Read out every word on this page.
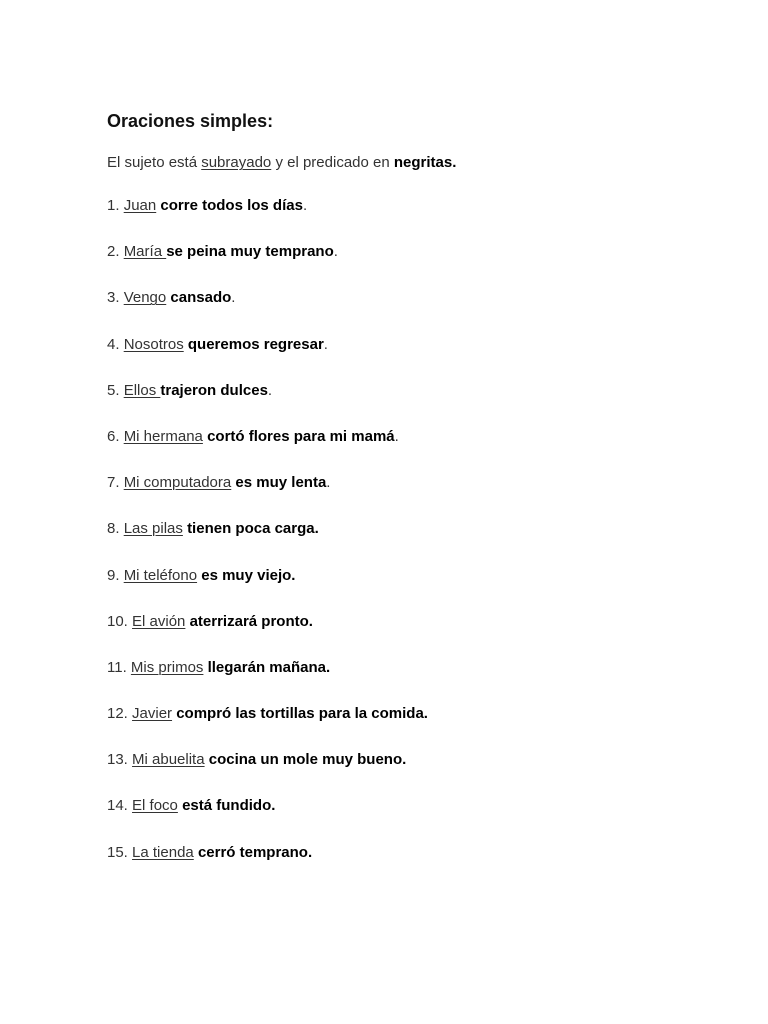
Oraciones simples:
El sujeto está subrayado y el predicado en negritas.
1. Juan corre todos los días.
2. María se peina muy temprano.
3. Vengo cansado.
4. Nosotros queremos regresar.
5. Ellos trajeron dulces.
6. Mi hermana cortó flores para mi mamá.
7. Mi computadora es muy lenta.
8. Las pilas tienen poca carga.
9. Mi teléfono es muy viejo.
10. El avión aterrizará pronto.
11. Mis primos llegarán mañana.
12. Javier compró las tortillas para la comida.
13. Mi abuelita cocina un mole muy bueno.
14. El foco está fundido.
15. La tienda cerró temprano.
